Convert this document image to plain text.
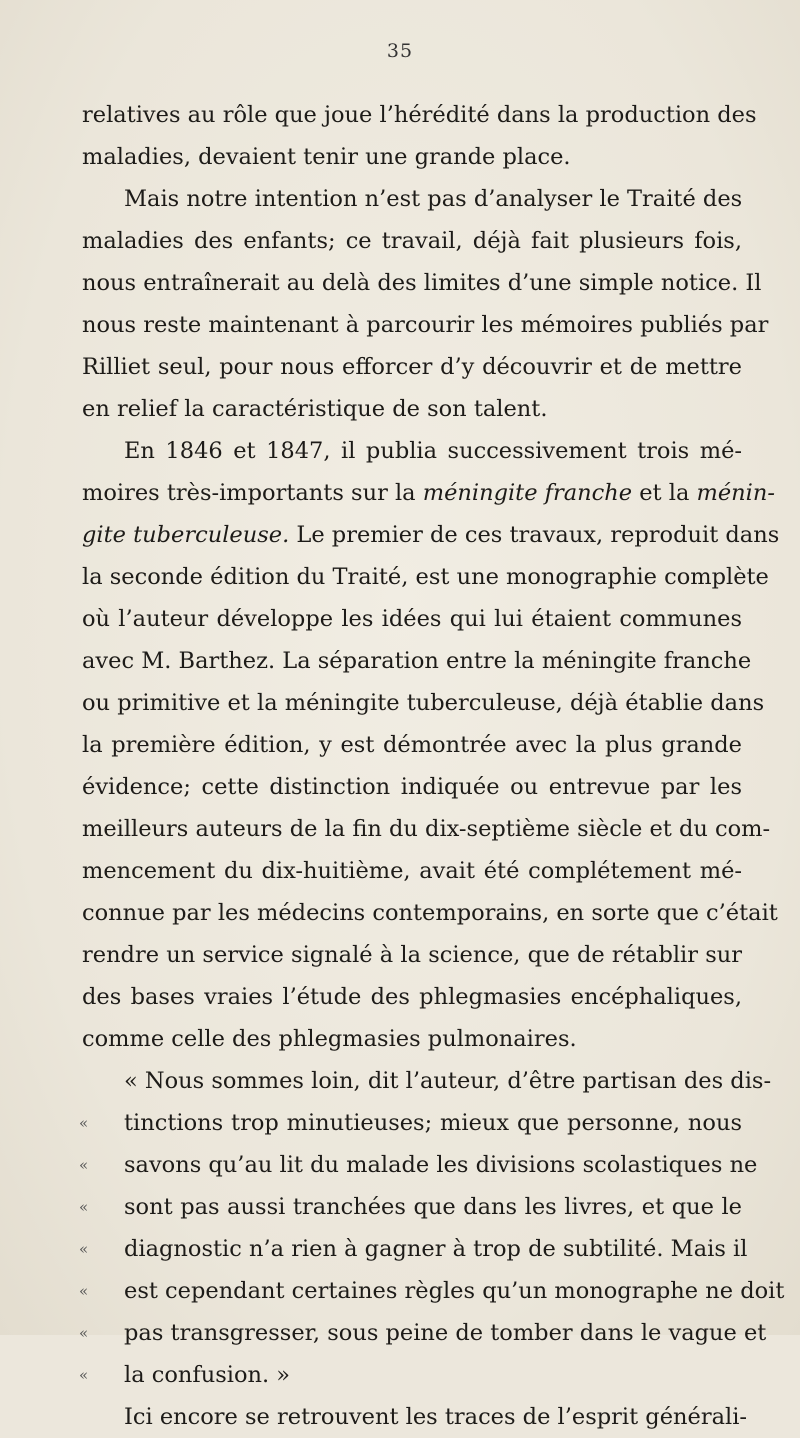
35
relatives au rôle que joue l’hérédité dans la production des
maladies, devaient tenir une grande place.
Mais notre intention n’est pas d’analyser le Traité des
maladies des enfants; ce travail, déjà fait plusieurs fois,
nous entraînerait au delà des limites d’une simple notice. Il
nous reste maintenant à parcourir les mémoires publiés par
Rilliet seul, pour nous efforcer d’y découvrir et de mettre
en relief la caractéristique de son talent.
En 1846 et 1847, il publia successivement trois mé-
moires très-importants sur la méningite franche et la ménin-
gite tuberculeuse. Le premier de ces travaux, reproduit dans
la seconde édition du Traité, est une monographie complète
où l’auteur développe les idées qui lui étaient communes
avec M. Barthez. La séparation entre la méningite franche
ou primitive et la méningite tuberculeuse, déjà établie dans
la première édition, y est démontrée avec la plus grande
évidence; cette distinction indiquée ou entrevue par les
meilleurs auteurs de la fin du dix-septième siècle et du com-
mencement du dix-huitième, avait été complétement mé-
connue par les médecins contemporains, en sorte que c’était
rendre un service signalé à la science, que de rétablir sur
des bases vraies l’étude des phlegmasies encéphaliques,
comme celle des phlegmasies pulmonaires.
« Nous sommes loin, dit l’auteur, d’être partisan des dis-
« tinctions trop minutieuses; mieux que personne, nous
« savons qu’au lit du malade les divisions scolastiques ne
« sont pas aussi tranchées que dans les livres, et que le
« diagnostic n’a rien à gagner à trop de subtilité. Mais il
« est cependant certaines règles qu’un monographe ne doit
« pas transgresser, sous peine de tomber dans le vague et
« la confusion. »
Ici encore se retrouvent les traces de l’esprit générali-
